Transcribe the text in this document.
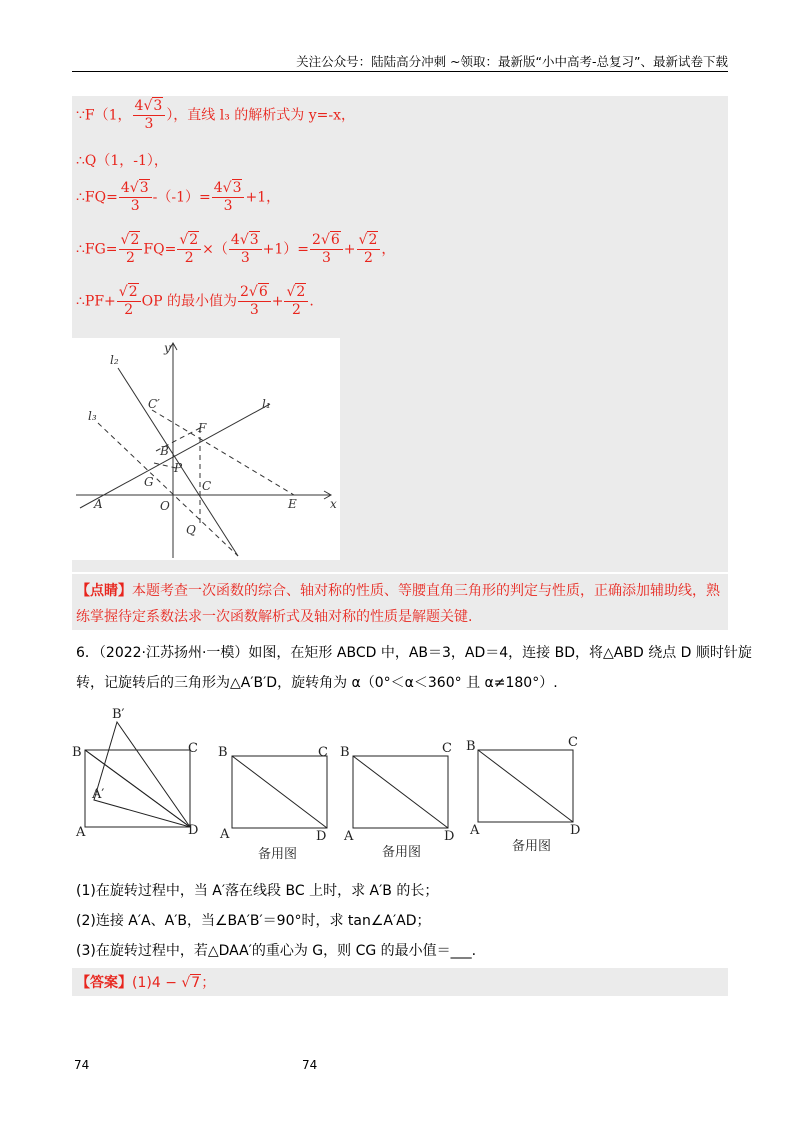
关注公众号：陆陆高分冲刺 ~领取：最新版“小中高考-总复习”、最新试卷下载
∵F（1， $\frac{4√3}{3}$ ），直线 l₃ 的解析式为 y=-x，
∴Q（1，-1），
∴FQ= $\frac{4√3}{3} -(-1)= \frac{4√3}{3} +1$，
∴FG= $\frac{√2}{2} FQ= \frac{√2}{2}$ ×（ $\frac{4√3}{3} +1)= \frac{2√6}{3} + \frac{√2}{2}$ ，
∴PF+ $\frac{√2}{2}$ OP 的最小值为 $\frac{2√6}{3} + \frac{√2}{2}$ .
y
x
l₁
l₂
l₃
C′
F
B
P
G	C
A	O	E
Q
【点睛】本题考查一次函数的综合、轴对称的性质、等腰直角三角形的判定与性质，正确添加辅助线，熟练掌握待定系数法求一次函数解析式及轴对称的性质是解题关键.
6．（2022·江苏扬州·一模）如图，在矩形 ABCD 中，AB＝3，AD＝4，连接 BD，将△ABD 绕点 D 顺时针旋
转，记旋转后的三角形为△A′B′D，旋转角为 α（0°＜α＜360° 且 α≠180°）.
B′
B	C
A′
A	D
B	C
A	D
备用图
B	C
A	D
备用图
B	C
A	D
备用图
(1)在旋转过程中，当 A′落在线段 BC 上时，求 A′B 的长；
(2)连接 A′A、A′B，当∠BA′B′＝90°时，求 tan∠A′AD；
(3)在旋转过程中，若△DAA′的重心为 G，则 CG 的最小值＝___.
【答案】(1)4 − √7；
74	74
